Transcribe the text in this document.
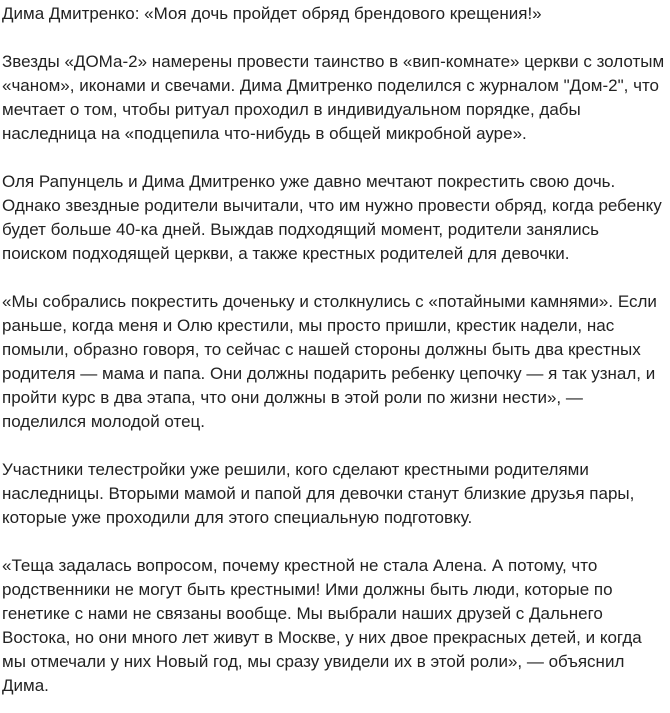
Дима Дмитренко: «Моя дочь пройдет обряд брендового крещения!»

Звезды «ДОМа-2» намерены провести таинство в «вип-комнате» церкви с золотым «чаном», иконами и свечами. Дима Дмитренко поделился с журналом "Дом-2", что мечтает о том, чтобы ритуал проходил в индивидуальном порядке, дабы наследница на «подцепила что-нибудь в общей микробной ауре».

Оля Рапунцель и Дима Дмитренко уже давно мечтают покрестить свою дочь. Однако звездные родители вычитали, что им нужно провести обряд, когда ребенку будет больше 40-ка дней. Выждав подходящий момент, родители занялись поиском подходящей церкви, а также крестных родителей для девочки.

«Мы собрались покрестить доченьку и столкнулись с «потайными камнями». Если раньше, когда меня и Олю крестили, мы просто пришли, крестик надели, нас помыли, образно говоря, то сейчас с нашей стороны должны быть два крестных родителя — мама и папа. Они должны подарить ребенку цепочку — я так узнал, и пройти курс в два этапа, что они должны в этой роли по жизни нести», — поделился молодой отец.

Участники телестройки уже решили, кого сделают крестными родителями наследницы. Вторыми мамой и папой для девочки станут близкие друзья пары, которые уже проходили для этого специальную подготовку.

«Теща задалась вопросом, почему крестной не стала Алена. А потому, что родственники не могут быть крестными! Ими должны быть люди, которые по генетике с нами не связаны вообще. Мы выбрали наших друзей с Дальнего Востока, но они много лет живут в Москве, у них двое прекрасных детей, и когда мы отмечали у них Новый год, мы сразу увидели их в этой роли», — объяснил Дима.
